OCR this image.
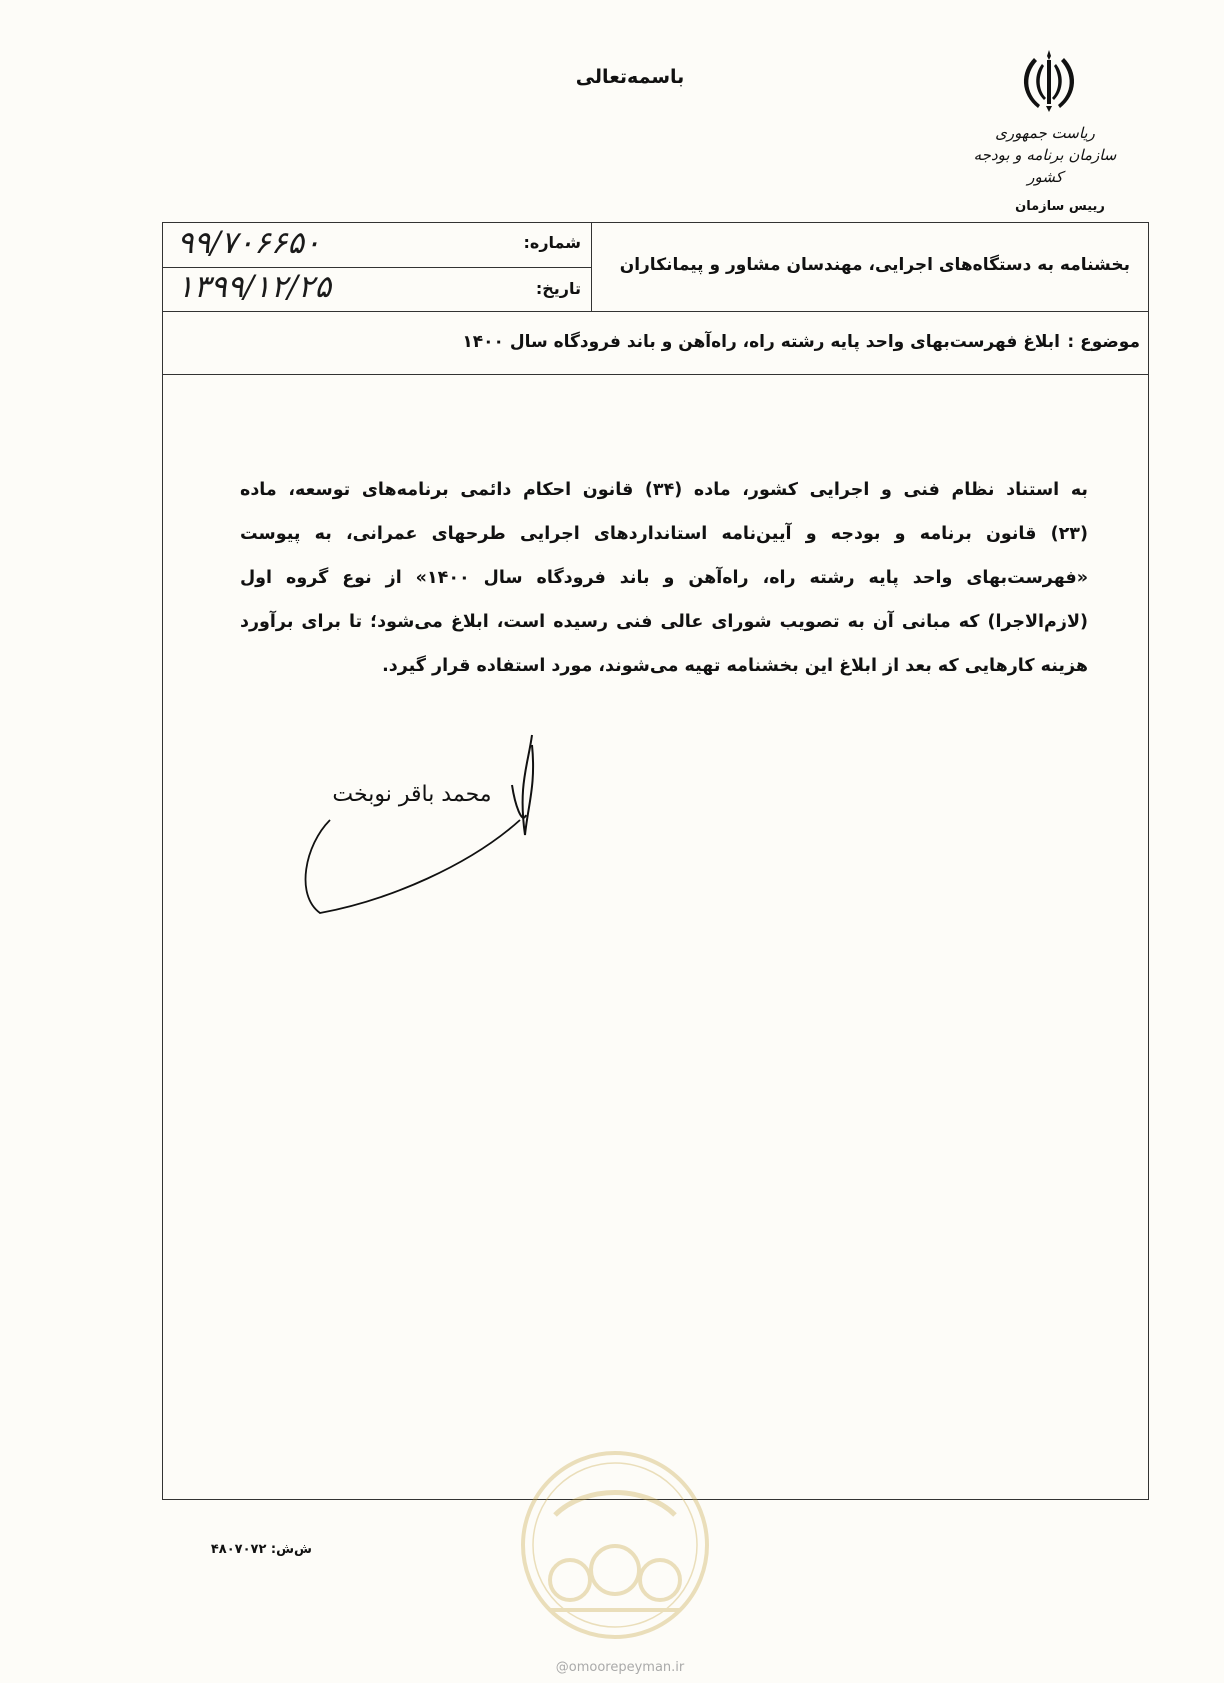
باسمه‌تعالی
ریاست جمهوری
سازمان برنامه و بودجه کشور
رییس سازمان
بخشنامه به دستگاه‌های اجرایی، مهندسان مشاور و پیمانکاران
شماره:
۹۹/۷۰۶۶۵۰
تاریخ:
۱۳۹۹/۱۲/۲۵
موضوع :
ابلاغ فهرست‌بهای واحد پایه رشته راه، راه‌آهن و باند فرودگاه سال ۱۴۰۰
به استناد نظام فنی و اجرایی کشور، ماده (۳۴) قانون احکام دائمی برنامه‌های توسعه، ماده
(۲۳) قانون برنامه و بودجه و آیین‌نامه استانداردهای اجرایی طرحهای عمرانی، به پیوست
«فهرست‌بهای واحد پایه رشته راه، راه‌آهن و باند فرودگاه سال ۱۴۰۰» از نوع گروه اول
(لازم‌الاجرا) که مبانی آن به تصویب شورای عالی فنی رسیده است، ابلاغ می‌شود؛ تا برای برآورد
هزینه کارهایی که بعد از ابلاغ این بخشنامه تهیه می‌شوند، مورد استفاده قرار گیرد.
محمد باقر نوبخت
ش‌ش: ۴۸۰۷۰۷۲
@omoorepeyman.ir
